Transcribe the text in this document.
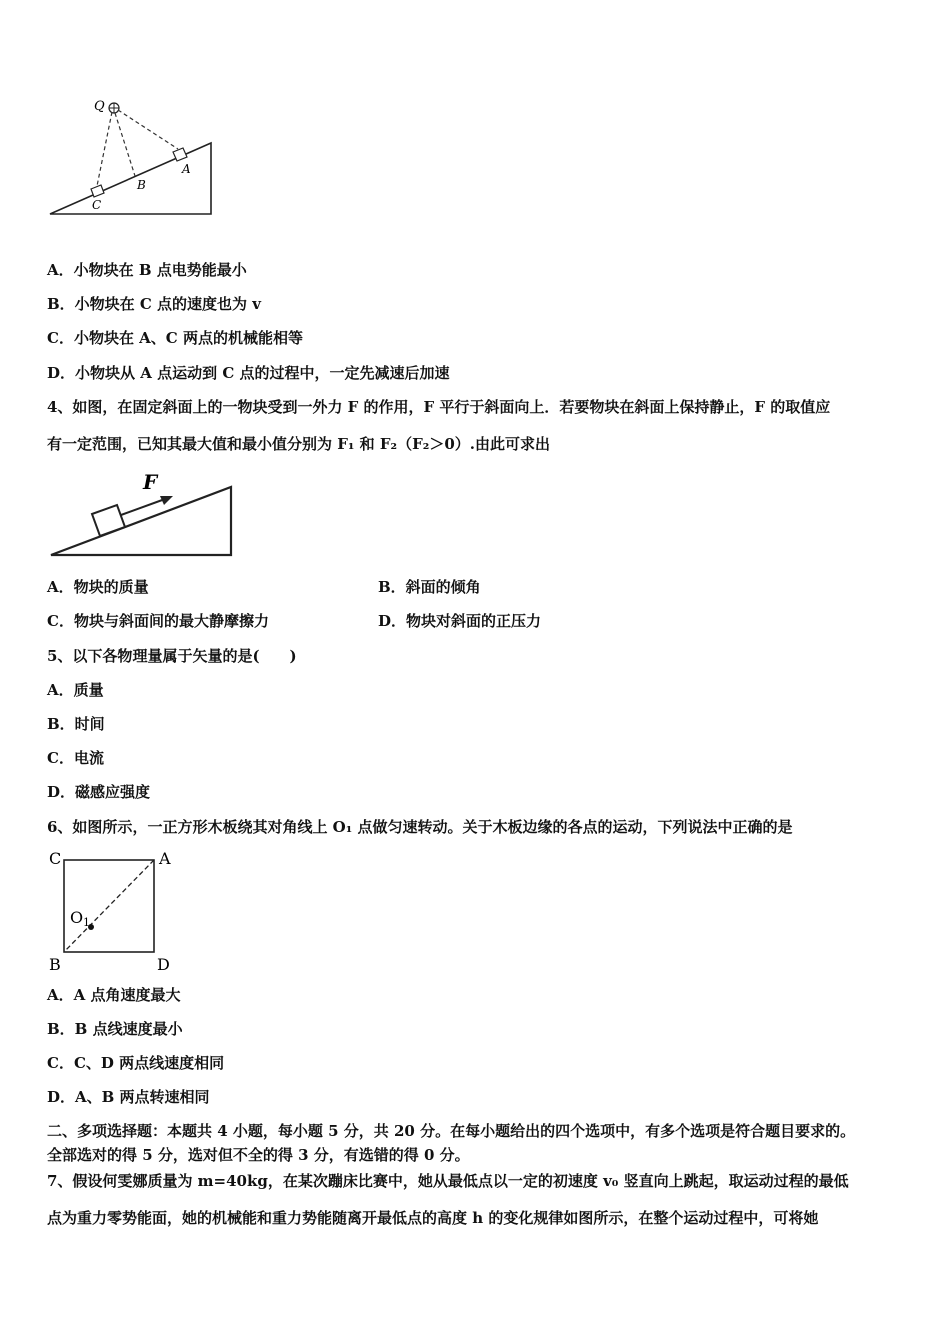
Q
A
B
C
A．小物块在 B 点电势能最小
B．小物块在 C 点的速度也为 v
C．小物块在 A、C 两点的机械能相等
D．小物块从 A 点运动到 C 点的过程中，一定先减速后加速
4、如图，在固定斜面上的一物块受到一外力 F 的作用，F 平行于斜面向上．若要物块在斜面上保持静止，F 的取值应
有一定范围，已知其最大值和最小值分别为 F₁ 和 F₂（F₂＞0）.由此可求出
F
A．物块的质量	B．斜面的倾角
C．物块与斜面间的最大静摩擦力	D．物块对斜面的正压力
5、以下各物理量属于矢量的是(　　)
A．质量
B．时间
C．电流
D．磁感应强度
6、如图所示，一正方形木板绕其对角线上 O₁ 点做匀速转动。关于木板边缘的各点的运动，下列说法中正确的是
C	A
B	D
O 1
A．A 点角速度最大
B．B 点线速度最小
C．C、D 两点线速度相同
D．A、B 两点转速相同
二、多项选择题：本题共 4 小题，每小题 5 分，共 20 分。在每小题给出的四个选项中，有多个选项是符合题目要求的。
全部选对的得 5 分，选对但不全的得 3 分，有选错的得 0 分。
7、假设何雯娜质量为 m=40kg，在某次蹦床比赛中，她从最低点以一定的初速度 v₀ 竖直向上跳起，取运动过程的最低
点为重力零势能面，她的机械能和重力势能随离开最低点的高度 h 的变化规律如图所示，在整个运动过程中，可将她
